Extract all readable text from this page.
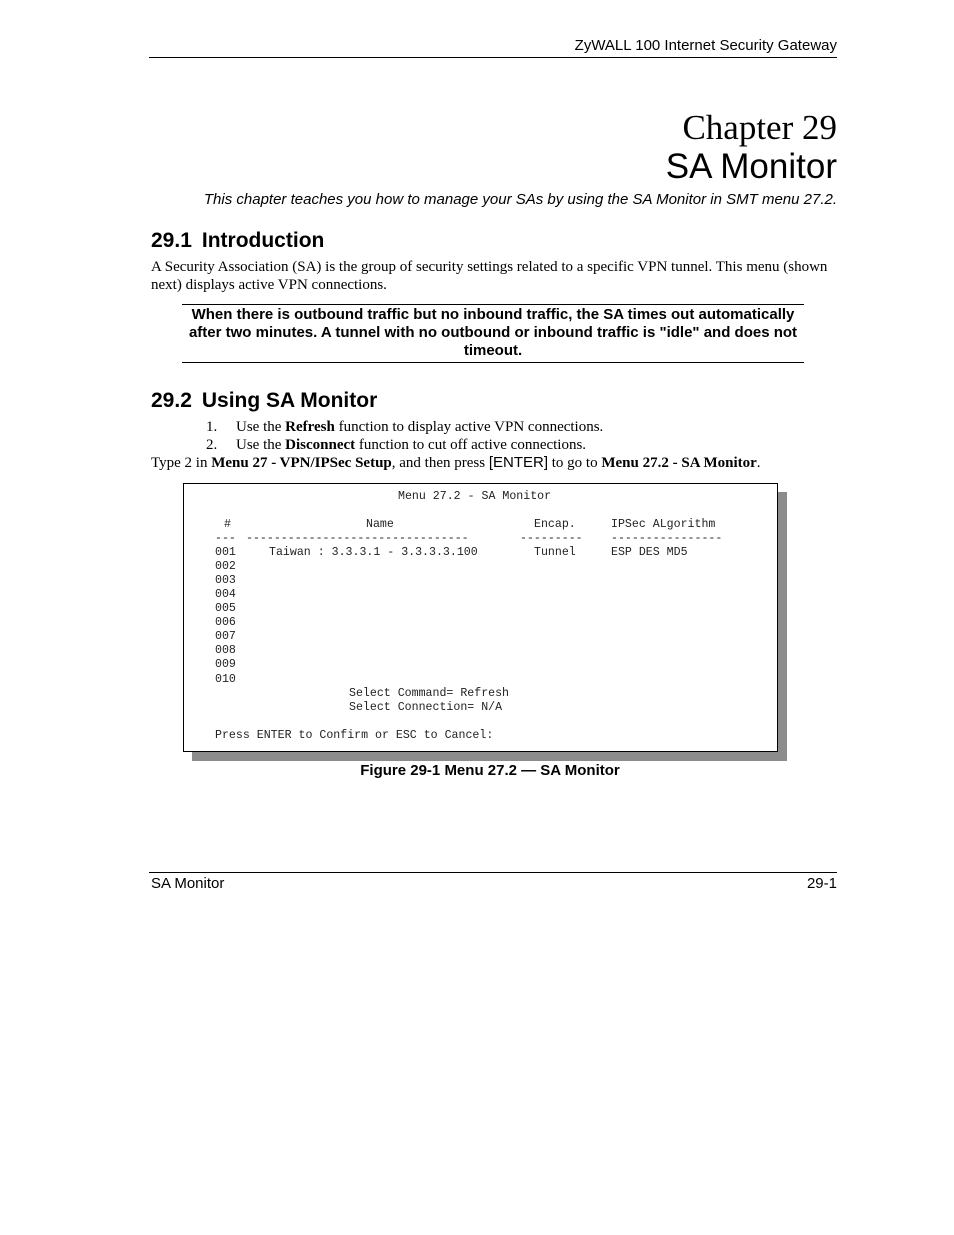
ZyWALL 100 Internet Security Gateway
Chapter 29
SA Monitor
This chapter teaches you how to manage your SAs by using the SA Monitor in SMT menu 27.2.
29.1 Introduction
A Security Association (SA) is the group of security settings related to a specific VPN tunnel. This menu (shown next) displays active VPN connections.
When there is outbound traffic but no inbound traffic, the SA times out automatically after two minutes. A tunnel with no outbound or inbound traffic is "idle" and does not timeout.
29.2 Using SA Monitor
1. Use the Refresh function to display active VPN connections.
2. Use the Disconnect function to cut off active connections.
Type 2 in Menu 27 - VPN/IPSec Setup, and then press [ENTER] to go to Menu 27.2 - SA Monitor.
Menu 27.2 - SA Monitor
#	Name	Encap.	IPSec ALgorithm
--- --------------------------------	--------- ----------------
001	Taiwan : 3.3.3.1 - 3.3.3.3.100	Tunnel	ESP DES MD5
002
003
004
005
006
007
008
009
010
Select Command= Refresh
Select Connection= N/A
Press ENTER to Confirm or ESC to Cancel:
Figure 29-1 Menu 27.2 — SA Monitor
SA Monitor	29-1
